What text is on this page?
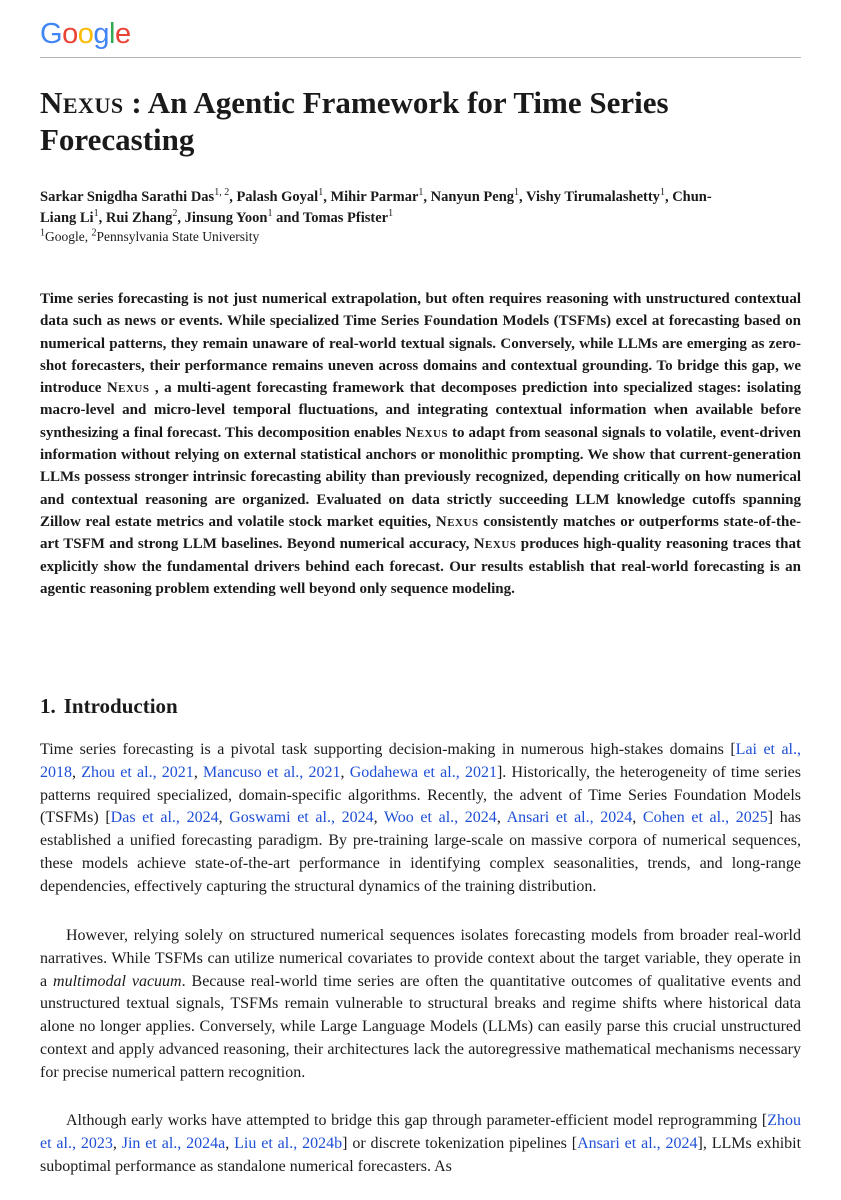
Google
Nexus : An Agentic Framework for Time Series Forecasting
Sarkar Snigdha Sarathi Das$^{1, 2}$, Palash Goyal$^1$, Mihir Parmar$^1$, Nanyun Peng$^1$, Vishy Tirumalashetty$^1$, Chun-Liang Li$^1$, Rui Zhang$^2$, Jinsung Yoon$^1$ and Tomas Pfister$^1$
$^1$Google, $^2$Pennsylvania State University

Time series forecasting is not just numerical extrapolation, but often requires reasoning with unstructured contextual data such as news or events. While specialized Time Series Foundation Models (TSFMs) excel at forecasting based on numerical patterns, they remain unaware of real-world textual signals. Conversely, while LLMs are emerging as zero-shot forecasters, their performance remains uneven across domains and contextual grounding. To bridge this gap, we introduce Nexus , a multi-agent forecasting framework that decomposes prediction into specialized stages: isolating macro-level and micro-level temporal fluctuations, and integrating contextual information when available before synthesizing a final forecast. This decomposition enables Nexus to adapt from seasonal signals to volatile, event-driven information without relying on external statistical anchors or monolithic prompting. We show that current-generation LLMs possess stronger intrinsic forecasting ability than previously recognized, depending critically on how numerical and contextual reasoning are organized. Evaluated on data strictly succeeding LLM knowledge cutoffs spanning Zillow real estate metrics and volatile stock market equities, Nexus consistently matches or outperforms state-of-the-art TSFM and strong LLM baselines. Beyond numerical accuracy, Nexus produces high-quality reasoning traces that explicitly show the fundamental drivers behind each forecast. Our results establish that real-world forecasting is an agentic reasoning problem extending well beyond only sequence modeling.

1. Introduction

Time series forecasting is a pivotal task supporting decision-making in numerous high-stakes domains [Lai et al., 2018, Zhou et al., 2021, Mancuso et al., 2021, Godahewa et al., 2021]. Historically, the heterogeneity of time series patterns required specialized, domain-specific algorithms. Recently, the advent of Time Series Foundation Models (TSFMs) [Das et al., 2024, Goswami et al., 2024, Woo et al., 2024, Ansari et al., 2024, Cohen et al., 2025] has established a unified forecasting paradigm. By pre-training large-scale on massive corpora of numerical sequences, these models achieve state-of-the-art performance in identifying complex seasonalities, trends, and long-range dependencies, effectively capturing the structural dynamics of the training distribution.

However, relying solely on structured numerical sequences isolates forecasting models from broader real-world narratives. While TSFMs can utilize numerical covariates to provide context about the target variable, they operate in a multimodal vacuum. Because real-world time series are often the quantitative outcomes of qualitative events and unstructured textual signals, TSFMs remain vulnerable to structural breaks and regime shifts where historical data alone no longer applies. Conversely, while Large Language Models (LLMs) can easily parse this crucial unstructured context and apply advanced reasoning, their architectures lack the autoregressive mathematical mechanisms necessary for precise numerical pattern recognition.

Although early works have attempted to bridge this gap through parameter-efficient model reprogramming [Zhou et al., 2023, Jin et al., 2024a, Liu et al., 2024b] or discrete tokenization pipelines [Ansari et al., 2024], LLMs exhibit suboptimal performance as standalone numerical forecasters. As
